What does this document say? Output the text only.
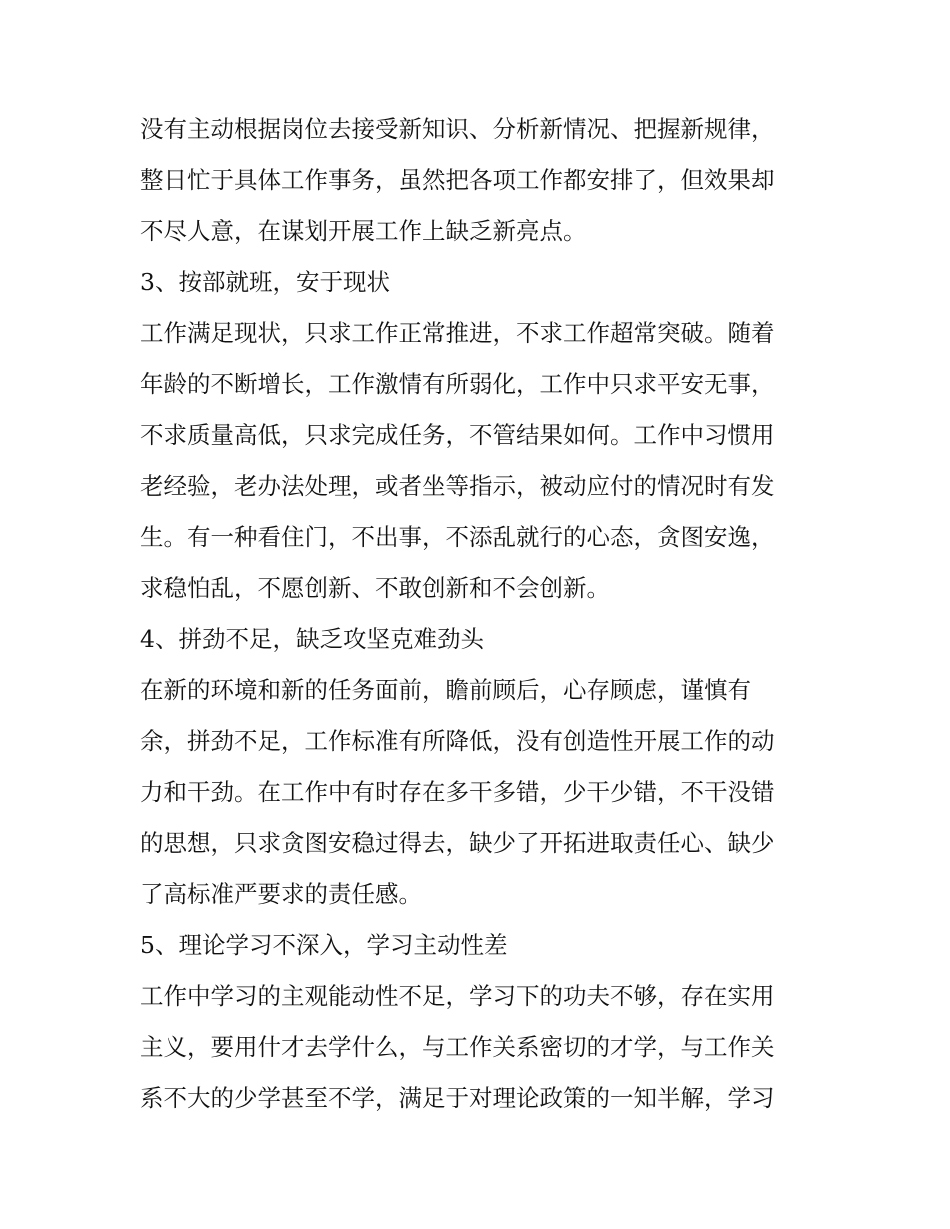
没有主动根据岗位去接受新知识、分析新情况、把握新规律，
整日忙于具体工作事务，虽然把各项工作都安排了，但效果却
不尽人意，在谋划开展工作上缺乏新亮点。
3、按部就班，安于现状
工作满足现状，只求工作正常推进，不求工作超常突破。随着
年龄的不断增长，工作激情有所弱化，工作中只求平安无事，
不求质量高低，只求完成任务，不管结果如何。工作中习惯用
老经验，老办法处理，或者坐等指示，被动应付的情况时有发
生。有一种看住门，不出事，不添乱就行的心态，贪图安逸，
求稳怕乱，不愿创新、不敢创新和不会创新。
4、拼劲不足，缺乏攻坚克难劲头
在新的环境和新的任务面前，瞻前顾后，心存顾虑，谨慎有
余，拼劲不足，工作标准有所降低，没有创造性开展工作的动
力和干劲。在工作中有时存在多干多错，少干少错，不干没错
的思想，只求贪图安稳过得去，缺少了开拓进取责任心、缺少
了高标准严要求的责任感。
5、理论学习不深入，学习主动性差
工作中学习的主观能动性不足，学习下的功夫不够，存在实用
主义，要用什才去学什么，与工作关系密切的才学，与工作关
系不大的少学甚至不学，满足于对理论政策的一知半解，学习
